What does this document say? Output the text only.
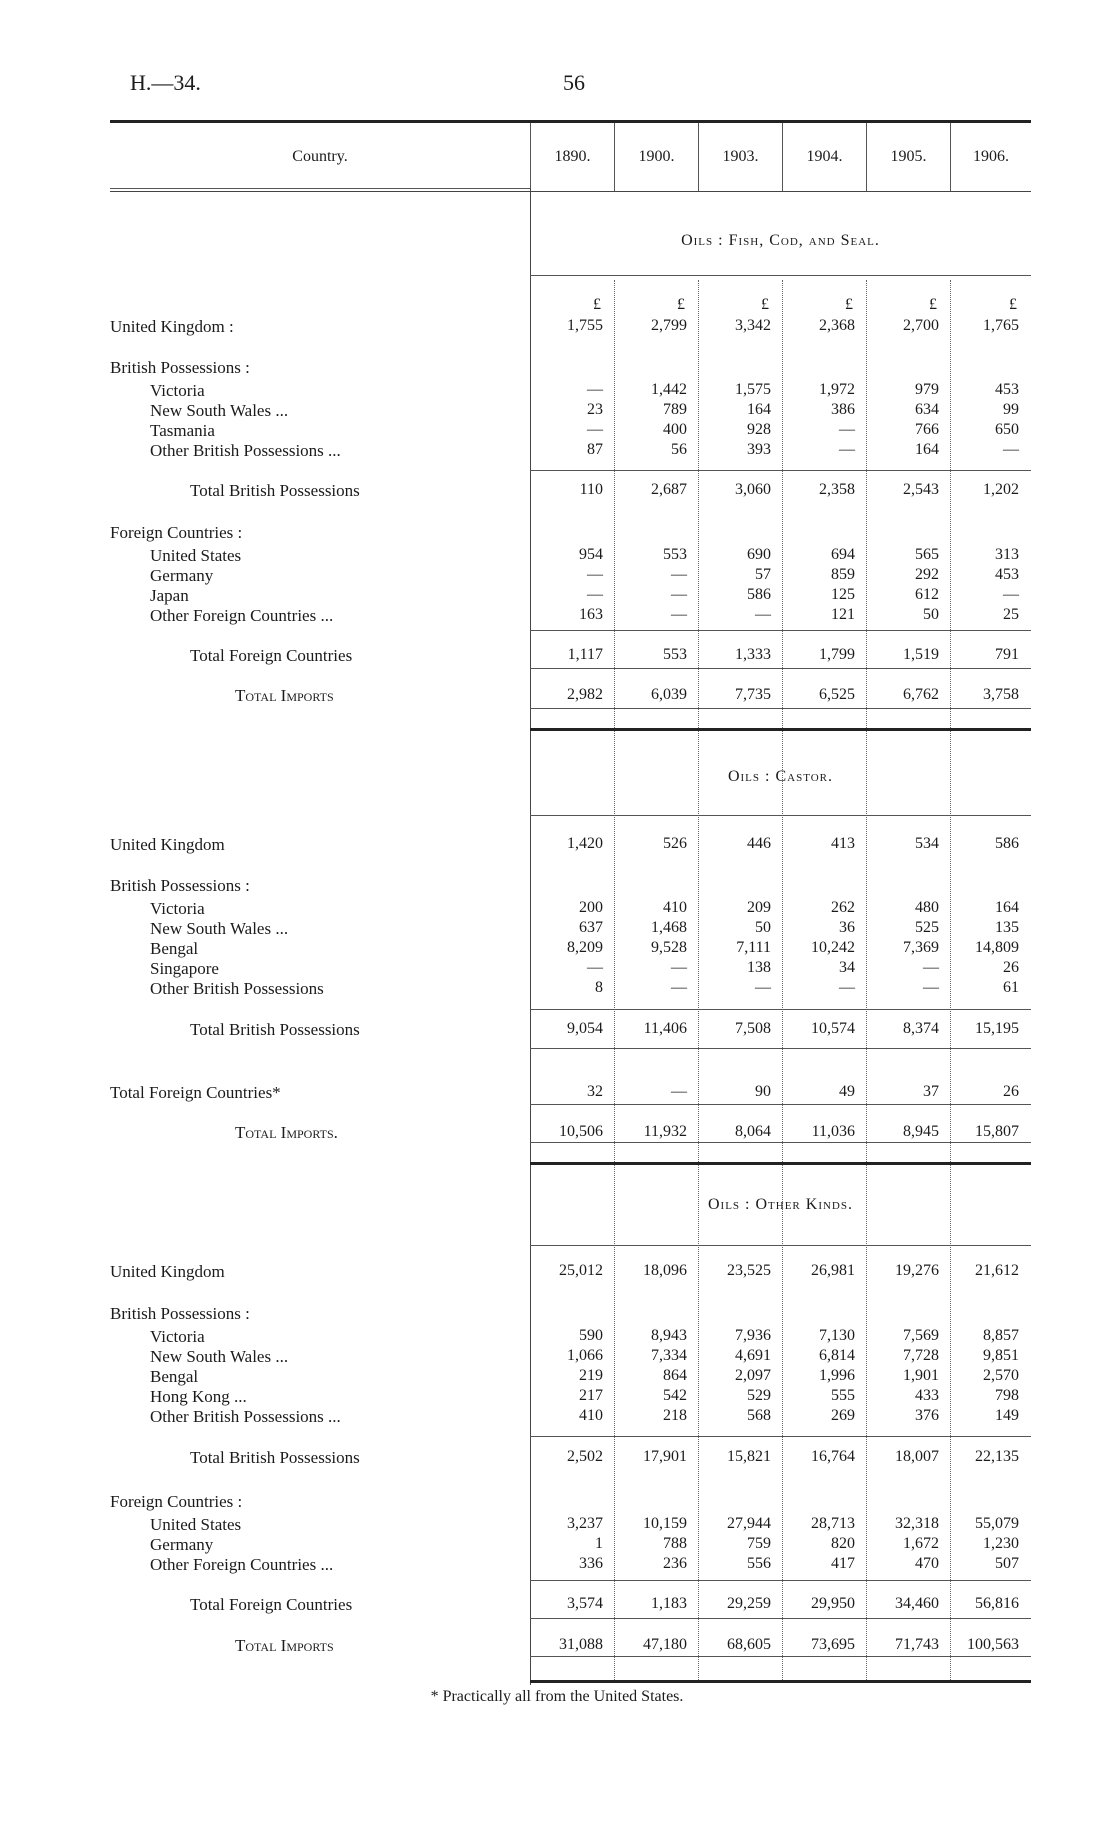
H.—34.	56
Country.	1890.	1900.	1903.	1904.	1905.	1906.
Oils : Fish, Cod, and Seal.
£	£	£	£	£	£
United Kingdom :	1,755	2,799	3,342	2,368	2,700	1,765
British Possessions :
Victoria	—	1,442	1,575	1,972	979	453
New South Wales ...	23	789	164	386	634	99
Tasmania	—	400	928	—	766	650
Other British Possessions ...	87	56	393	—	164	—
Total British Possessions	110	2,687	3,060	2,358	2,543	1,202
Foreign Countries :
United States	954	553	690	694	565	313
Germany	—	—	57	859	292	453
Japan	—	—	586	125	612	—
Other Foreign Countries ...	163	—	—	121	50	25
Total Foreign Countries	1,117	553	1,333	1,799	1,519	791
Total Imports	2,982	6,039	7,735	6,525	6,762	3,758
Oils : Castor.
United Kingdom	1,420	526	446	413	534	586
British Possessions :
Victoria	200	410	209	262	480	164
New South Wales ...	637	1,468	50	36	525	135
Bengal	8,209	9,528	7,111	10,242	7,369	14,809
Singapore	—	—	138	34	—	26
Other British Possessions	8	—	—	—	—	61
Total British Possessions	9,054	11,406	7,508	10,574	8,374	15,195
Total Foreign Countries*	32	—	90	49	37	26
Total Imports.	10,506	11,932	8,064	11,036	8,945	15,807
Oils : Other Kinds.
United Kingdom	25,012	18,096	23,525	26,981	19,276	21,612
British Possessions :
Victoria	590	8,943	7,936	7,130	7,569	8,857
New South Wales ...	1,066	7,334	4,691	6,814	7,728	9,851
Bengal	219	864	2,097	1,996	1,901	2,570
Hong Kong ...	217	542	529	555	433	798
Other British Possessions ...	410	218	568	269	376	149
Total British Possessions	2,502	17,901	15,821	16,764	18,007	22,135
Foreign Countries :
United States	3,237	10,159	27,944	28,713	32,318	55,079
Germany	1	788	759	820	1,672	1,230
Other Foreign Countries ...	336	236	556	417	470	507
Total Foreign Countries	3,574	1,183	29,259	29,950	34,460	56,816
Total Imports	31,088	47,180	68,605	73,695	71,743	100,563
* Practically all from the United States.
